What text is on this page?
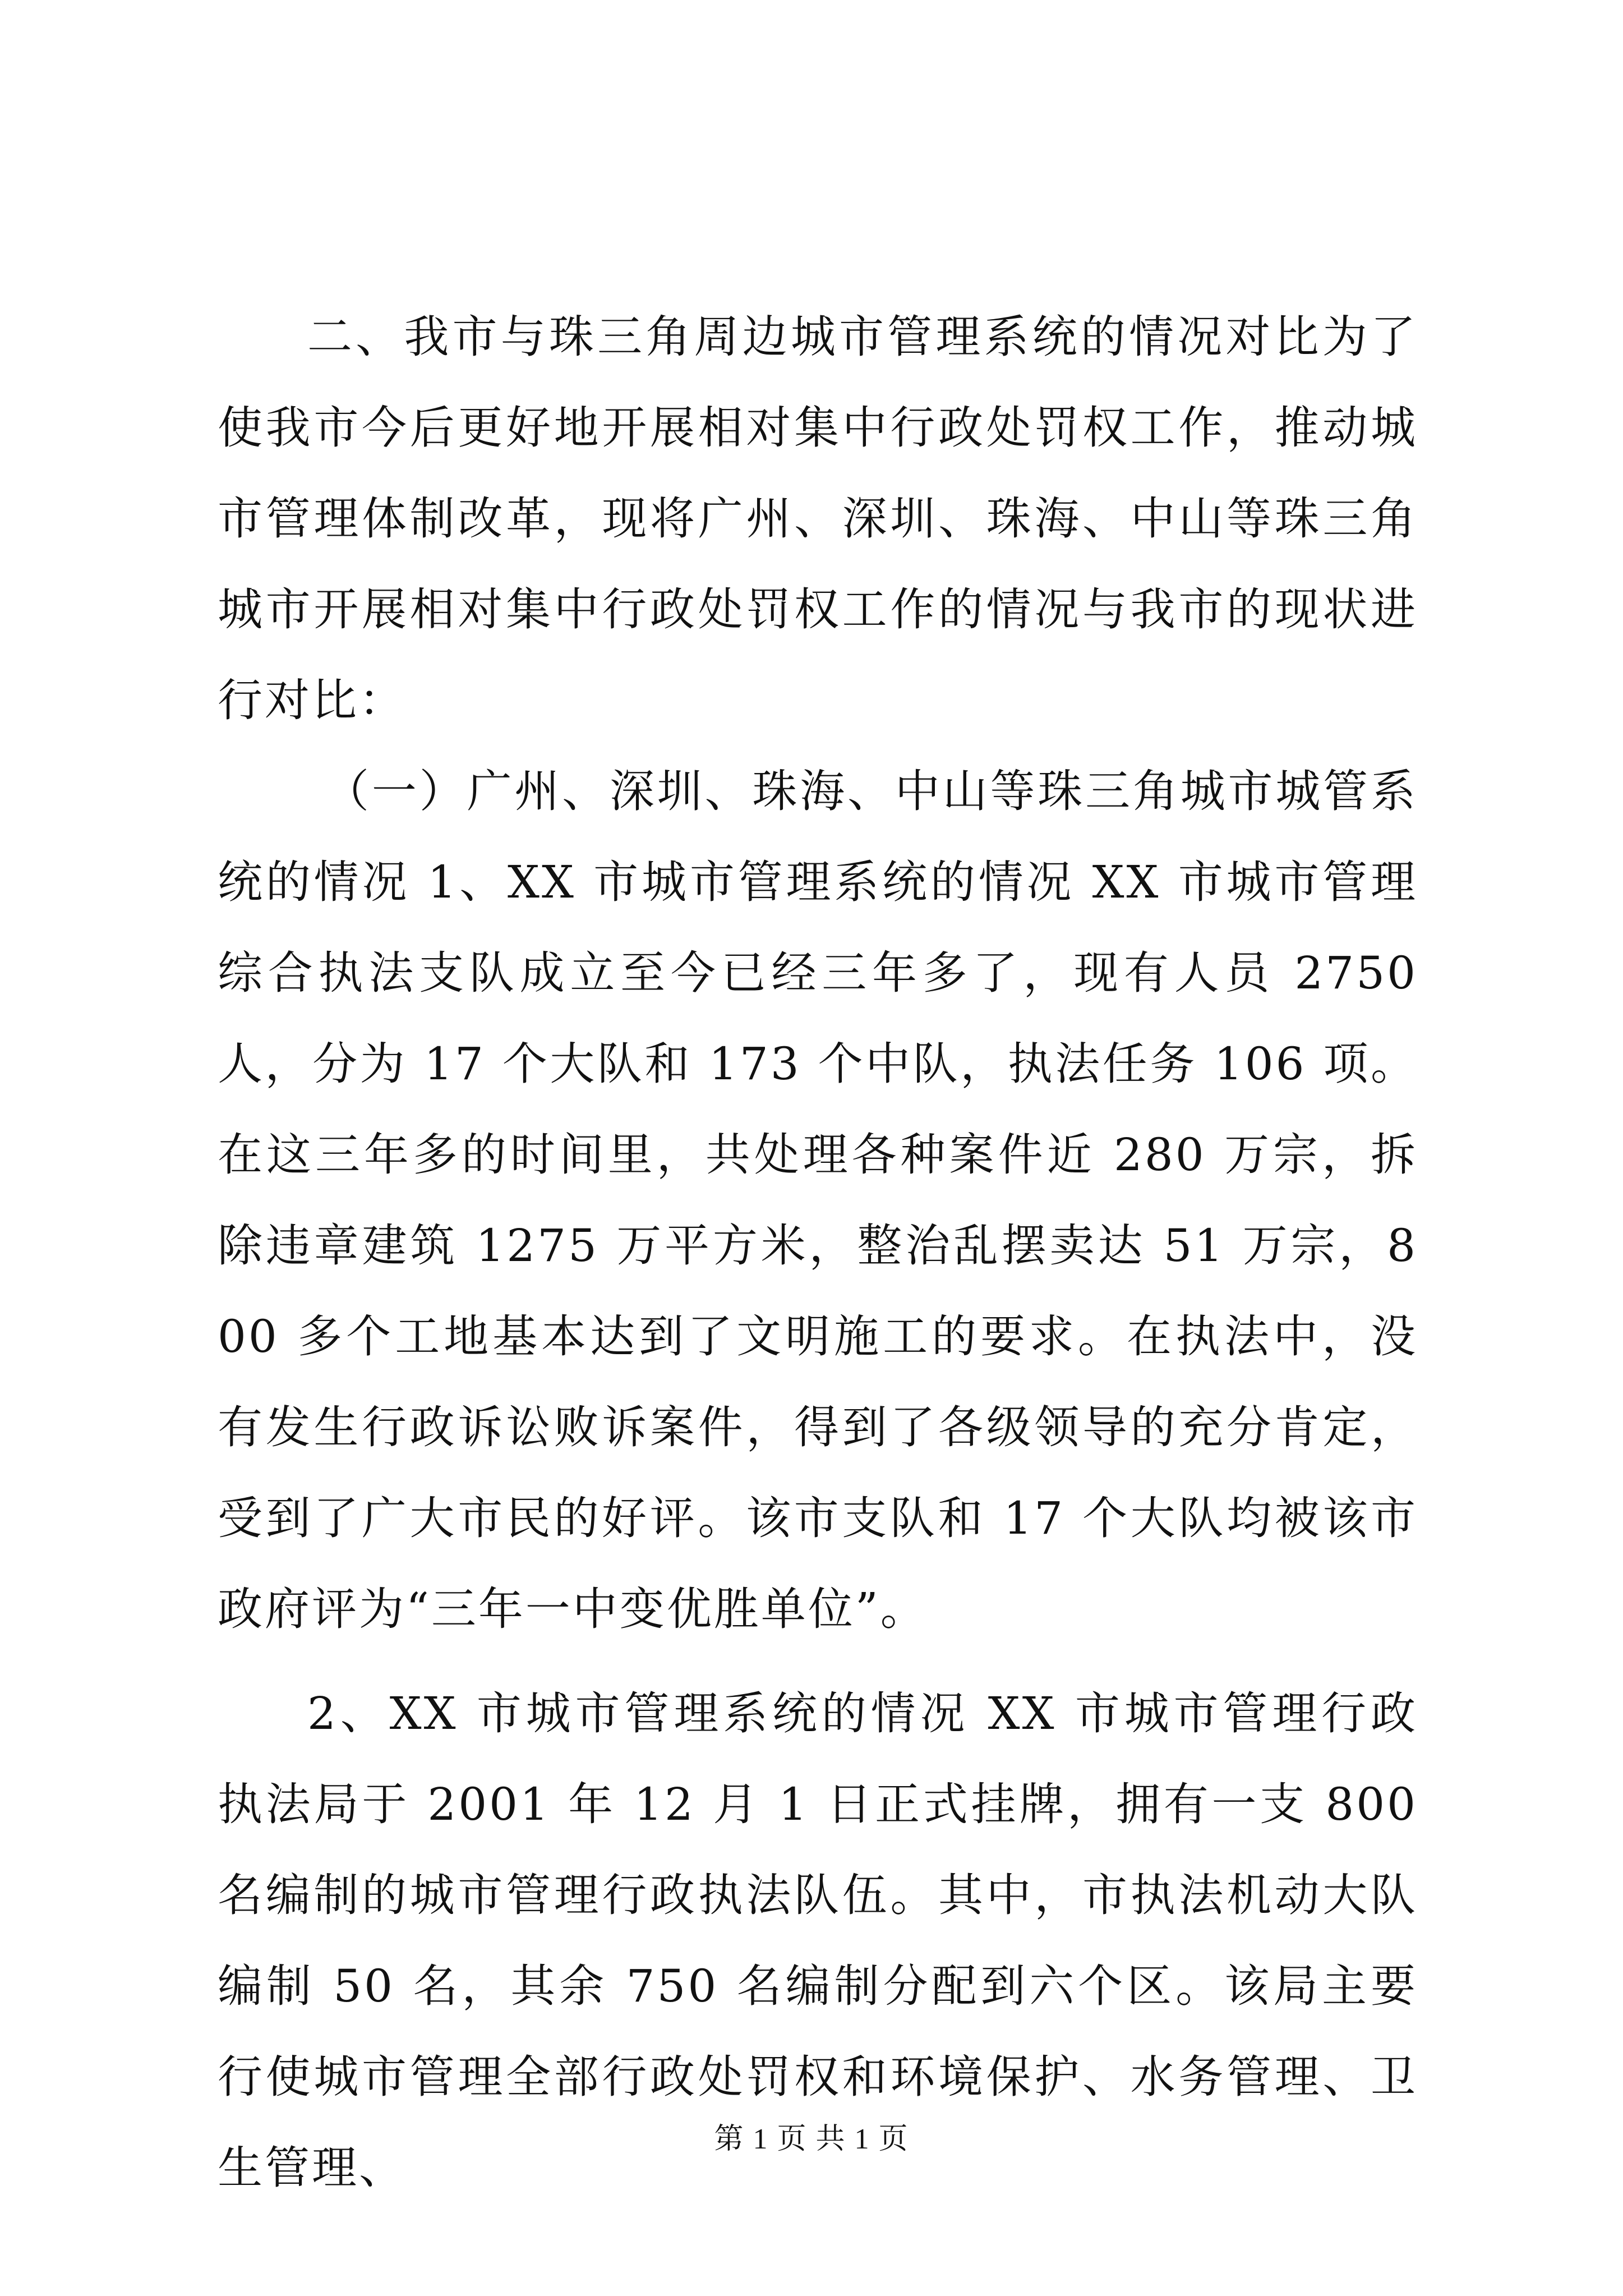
二、我市与珠三角周边城市管理系统的情况对比为了使我市今后更好地开展相对集中行政处罚权工作，推动城市管理体制改革，现将广州、深圳、珠海、中山等珠三角城市开展相对集中行政处罚权工作的情况与我市的现状进行对比：

（一）广州、深圳、珠海、中山等珠三角城市城管系统的情况 1、XX 市城市管理系统的情况 XX 市城市管理综合执法支队成立至今已经三年多了，现有人员 2750 人，分为 17 个大队和 173 个中队，执法任务 106 项。在这三年多的时间里，共处理各种案件近 280 万宗，拆除违章建筑 1275 万平方米，整治乱摆卖达 51 万宗，800 多个工地基本达到了文明施工的要求。在执法中，没有发生行政诉讼败诉案件，得到了各级领导的充分肯定，受到了广大市民的好评。该市支队和 17 个大队均被该市政府评为“三年一中变优胜单位”。

2、XX 市城市管理系统的情况 XX 市城市管理行政执法局于 2001 年 12 月 1 日正式挂牌，拥有一支 800 名编制的城市管理行政执法队伍。其中，市执法机动大队编制 50 名，其余 750 名编制分配到六个区。该局主要行使城市管理全部行政处罚权和环境保护、水务管理、卫生管理、

第 1 页 共 1 页
